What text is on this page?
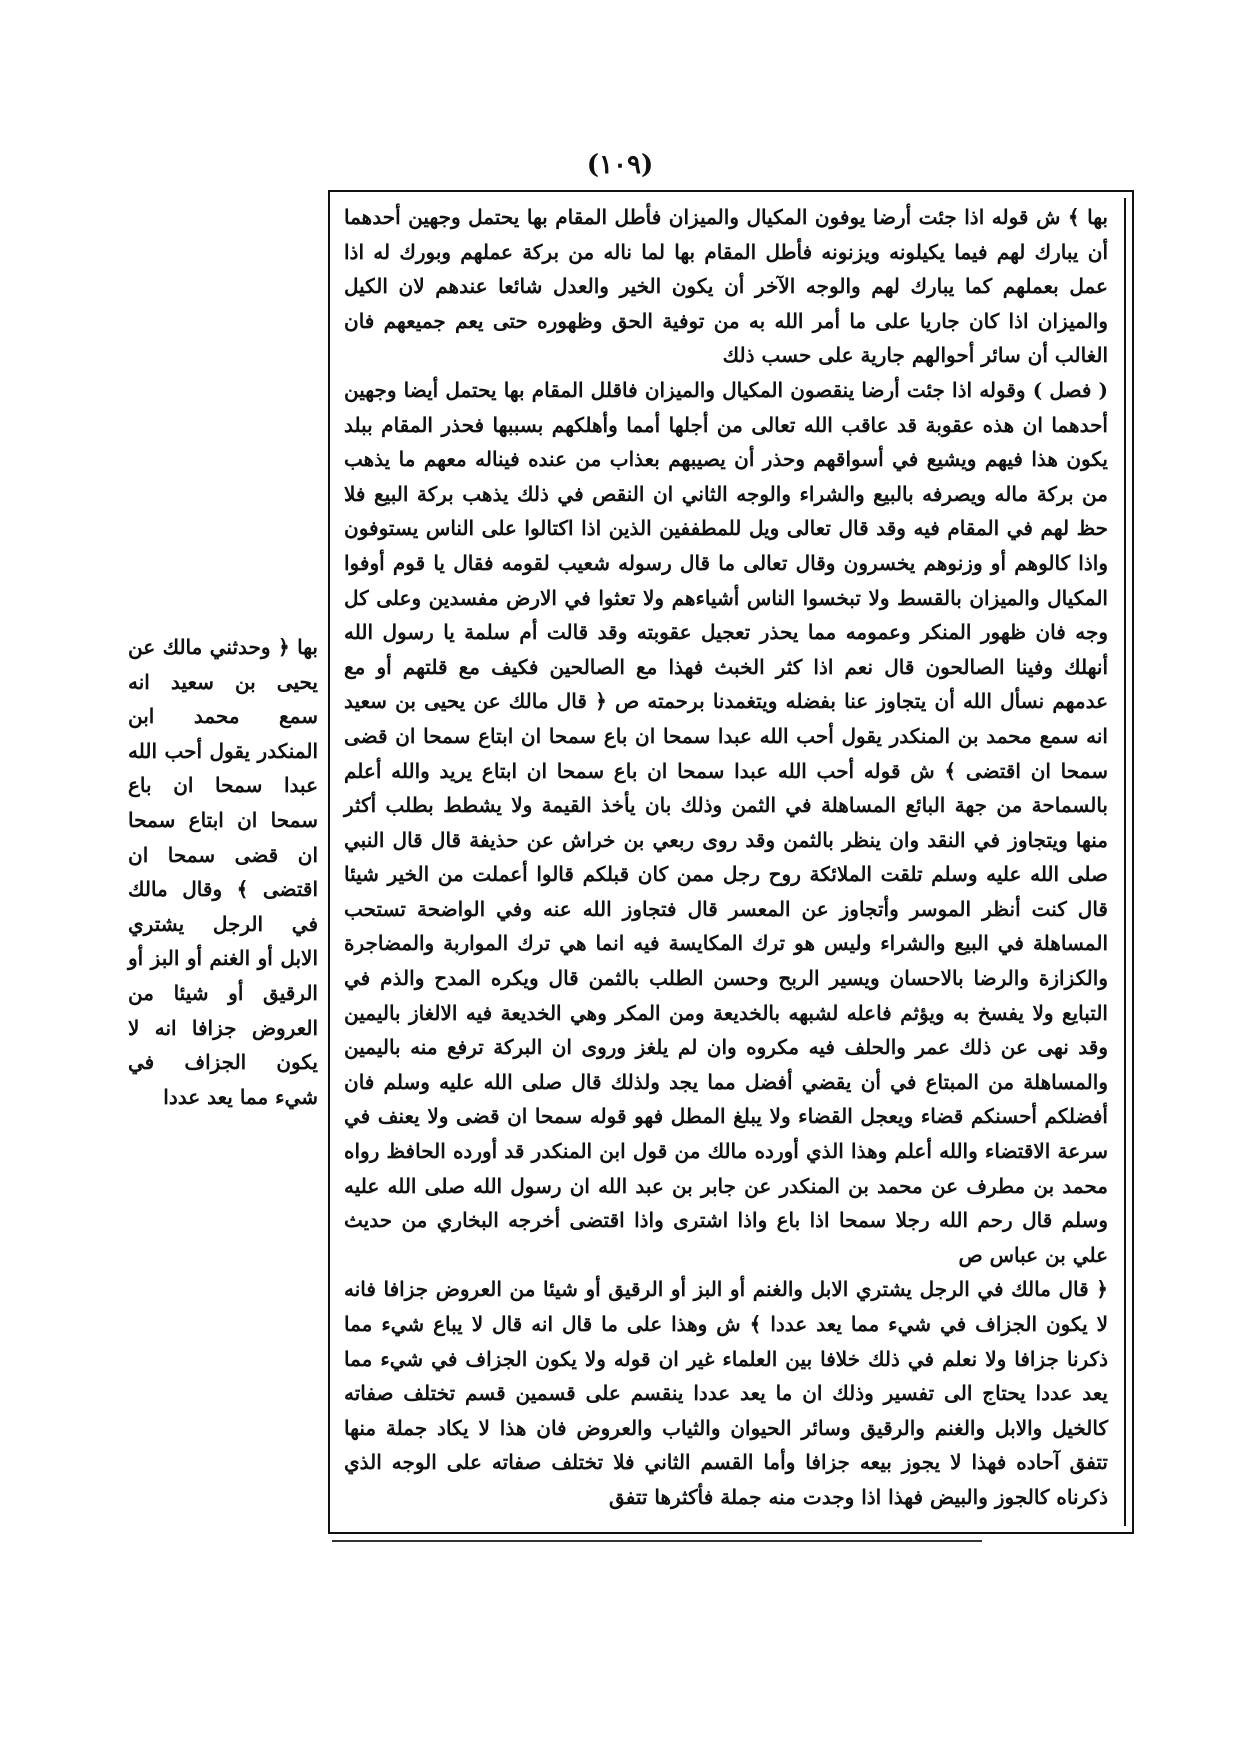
(١٠٩)

بها ﴾ ش قوله اذا جئت أرضا يوفون المكيال والميزان فأطل المقام بها يحتمل وجهين أحدهما أن يبارك لهم فيما يكيلونه ويزنونه فأطل المقام بها لما ناله من بركة عملهم وبورك له اذا عمل بعملهم كما يبارك لهم والوجه الآخر أن يكون الخير والعدل شائعا عندهم لان الكيل والميزان اذا كان جاريا على ما أمر الله به من توفية الحق وظهوره حتى يعم جميعهم فان الغالب أن سائر أحوالهم جارية على حسب ذلك

( فصل ) وقوله اذا جئت أرضا ينقصون المكيال والميزان فاقلل المقام بها يحتمل أيضا وجهين أحدهما ان هذه عقوبة قد عاقب الله تعالى من أجلها أمما وأهلكهم بسببها فحذر المقام ببلد يكون هذا فيهم ويشيع في أسواقهم وحذر أن يصيبهم بعذاب من عنده فيناله معهم ما يذهب من بركة ماله ويصرفه بالبيع والشراء والوجه الثاني ان النقص في ذلك يذهب بركة البيع فلا حظ لهم في المقام فيه وقد قال تعالى ويل للمطففين الذين اذا اكتالوا على الناس يستوفون واذا كالوهم أو وزنوهم يخسرون وقال تعالى ما قال رسوله شعيب لقومه فقال يا قوم أوفوا المكيال والميزان بالقسط ولا تبخسوا الناس أشياءهم ولا تعثوا في الارض مفسدين وعلى كل وجه فان ظهور المنكر وعمومه مما يحذر تعجيل عقوبته وقد قالت أم سلمة يا رسول الله أنهلك وفينا الصالحون قال نعم اذا كثر الخبث فهذا مع الصالحين فكيف مع قلتهم أو مع عدمهم نسأل الله أن يتجاوز عنا بفضله ويتغمدنا برحمته ص ﴿ قال مالك عن يحيى بن سعيد انه سمع محمد بن المنكدر يقول أحب الله عبدا سمحا ان باع سمحا ان ابتاع سمحا ان قضى سمحا ان اقتضى ﴾ ش قوله أحب الله عبدا سمحا ان باع سمحا ان ابتاع يريد والله أعلم بالسماحة من جهة البائع المساهلة في الثمن وذلك بان يأخذ القيمة ولا يشطط بطلب أكثر منها ويتجاوز في النقد وان ينظر بالثمن وقد روى ربعي بن خراش عن حذيفة قال قال النبي صلى الله عليه وسلم تلقت الملائكة روح رجل ممن كان قبلكم قالوا أعملت من الخير شيئا قال كنت أنظر الموسر وأتجاوز عن المعسر قال فتجاوز الله عنه وفي الواضحة تستحب المساهلة في البيع والشراء وليس هو ترك المكايسة فيه انما هي ترك المواربة والمضاجرة والكزازة والرضا بالاحسان ويسير الربح وحسن الطلب بالثمن قال ويكره المدح والذم في التبايع ولا يفسخ به ويؤثم فاعله لشبهه بالخديعة ومن المكر وهي الخديعة فيه الالغاز باليمين وقد نهى عن ذلك عمر والحلف فيه مكروه وان لم يلغز وروى ان البركة ترفع منه باليمين والمساهلة من المبتاع في أن يقضي أفضل مما يجد ولذلك قال صلى الله عليه وسلم فان أفضلكم أحسنكم قضاء ويعجل القضاء ولا يبلغ المطل فهو قوله سمحا ان قضى ولا يعنف في سرعة الاقتضاء والله أعلم وهذا الذي أورده مالك من قول ابن المنكدر قد أورده الحافظ رواه محمد بن مطرف عن محمد بن المنكدر عن جابر بن عبد الله ان رسول الله صلى الله عليه وسلم قال رحم الله رجلا سمحا اذا باع واذا اشترى واذا اقتضى أخرجه البخاري من حديث علي بن عباس ص

﴿ قال مالك في الرجل يشتري الابل والغنم أو البز أو الرقيق أو شيئا من العروض جزافا فانه لا يكون الجزاف في شيء مما يعد عددا ﴾ ش وهذا على ما قال انه قال لا يباع شيء مما ذكرنا جزافا ولا نعلم في ذلك خلافا بين العلماء غير ان قوله ولا يكون الجزاف في شيء مما يعد عددا يحتاج الى تفسير وذلك ان ما يعد عددا ينقسم على قسمين قسم تختلف صفاته كالخيل والابل والغنم والرقيق وسائر الحيوان والثياب والعروض فان هذا لا يكاد جملة منها تتفق آحاده فهذا لا يجوز بيعه جزافا وأما القسم الثاني فلا تختلف صفاته على الوجه الذي ذكرناه كالجوز والبيض فهذا اذا وجدت منه جملة فأكثرها تتفق

بها ﴿ وحدثني مالك عن يحيى بن سعيد انه سمع محمد ابن المنكدر يقول أحب الله عبدا سمحا ان باع سمحا ان ابتاع سمحا ان قضى سمحا ان اقتضى ﴾ وقال مالك في الرجل يشتري الابل أو الغنم أو البز أو الرقيق أو شيئا من العروض جزافا انه لا يكون الجزاف في شيء مما يعد عددا
